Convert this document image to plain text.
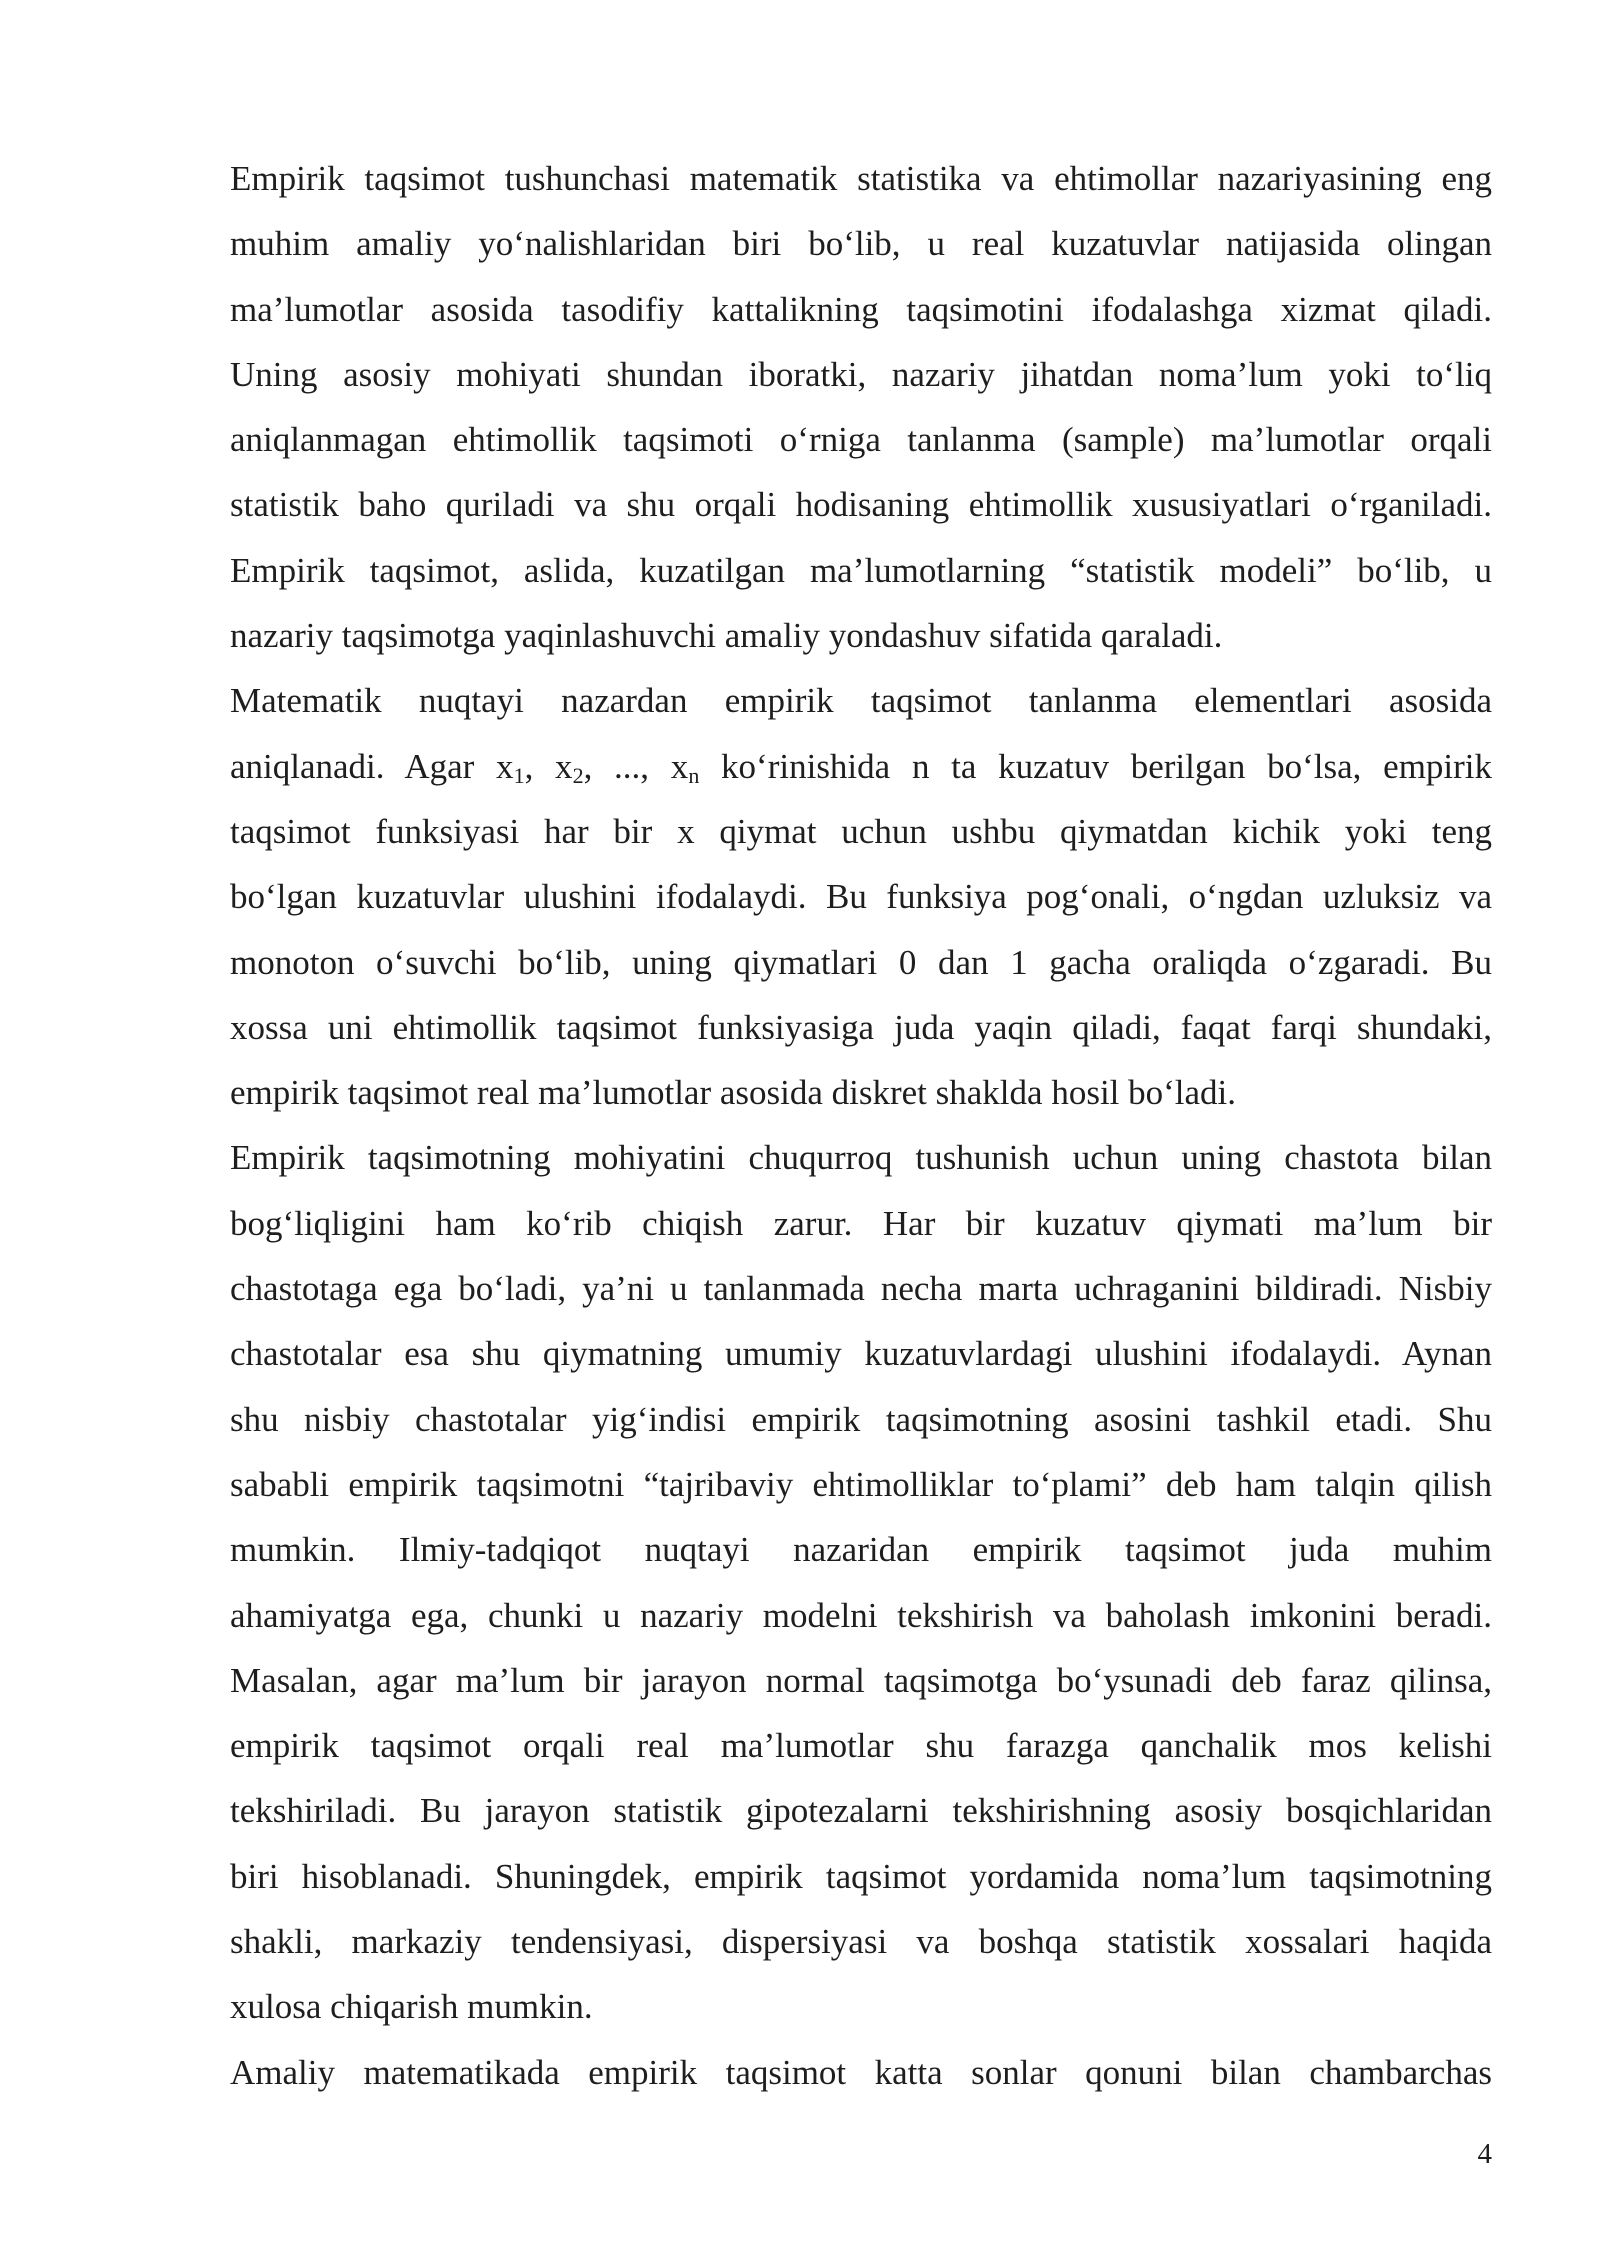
Empirik taqsimot tushunchasi matematik statistika va ehtimollar nazariyasining eng
muhim amaliy yo‘nalishlaridan biri bo‘lib, u real kuzatuvlar natijasida olingan
ma’lumotlar asosida tasodifiy kattalikning taqsimotini ifodalashga xizmat qiladi.
Uning asosiy mohiyati shundan iboratki, nazariy jihatdan noma’lum yoki to‘liq
aniqlanmagan ehtimollik taqsimoti o‘rniga tanlanma (sample) ma’lumotlar orqali
statistik baho quriladi va shu orqali hodisaning ehtimollik xususiyatlari o‘rganiladi.
Empirik taqsimot, aslida, kuzatilgan ma’lumotlarning “statistik modeli” bo‘lib, u
nazariy taqsimotga yaqinlashuvchi amaliy yondashuv sifatida qaraladi.

Matematik nuqtayi nazardan empirik taqsimot tanlanma elementlari asosida
aniqlanadi. Agar $x_1$, $x_2$, ..., $x_n$ ko‘rinishida n ta kuzatuv berilgan bo‘lsa, empirik
taqsimot funksiyasi har bir x qiymat uchun ushbu qiymatdan kichik yoki teng
bo‘lgan kuzatuvlar ulushini ifodalaydi. Bu funksiya pog‘onali, o‘ngdan uzluksiz va
monoton o‘suvchi bo‘lib, uning qiymatlari 0 dan 1 gacha oraliqda o‘zgaradi. Bu
xossa uni ehtimollik taqsimot funksiyasiga juda yaqin qiladi, faqat farqi shundaki,
empirik taqsimot real ma’lumotlar asosida diskret shaklda hosil bo‘ladi.

Empirik taqsimotning mohiyatini chuqurroq tushunish uchun uning chastota bilan
bog‘liqligini ham ko‘rib chiqish zarur. Har bir kuzatuv qiymati ma’lum bir
chastotaga ega bo‘ladi, ya’ni u tanlanmada necha marta uchraganini bildiradi. Nisbiy
chastotalar esa shu qiymatning umumiy kuzatuvlardagi ulushini ifodalaydi. Aynan
shu nisbiy chastotalar yig‘indisi empirik taqsimotning asosini tashkil etadi. Shu
sababli empirik taqsimotni “tajribaviy ehtimolliklar to‘plami” deb ham talqin qilish
mumkin. Ilmiy-tadqiqot nuqtayi nazaridan empirik taqsimot juda muhim
ahamiyatga ega, chunki u nazariy modelni tekshirish va baholash imkonini beradi.
Masalan, agar ma’lum bir jarayon normal taqsimotga bo‘ysunadi deb faraz qilinsa,
empirik taqsimot orqali real ma’lumotlar shu farazga qanchalik mos kelishi
tekshiriladi. Bu jarayon statistik gipotezalarni tekshirishning asosiy bosqichlaridan
biri hisoblanadi. Shuningdek, empirik taqsimot yordamida noma’lum taqsimotning
shakli, markaziy tendensiyasi, dispersiyasi va boshqa statistik xossalari haqida
xulosa chiqarish mumkin.

Amaliy matematikada empirik taqsimot katta sonlar qonuni bilan chambarchas

4
